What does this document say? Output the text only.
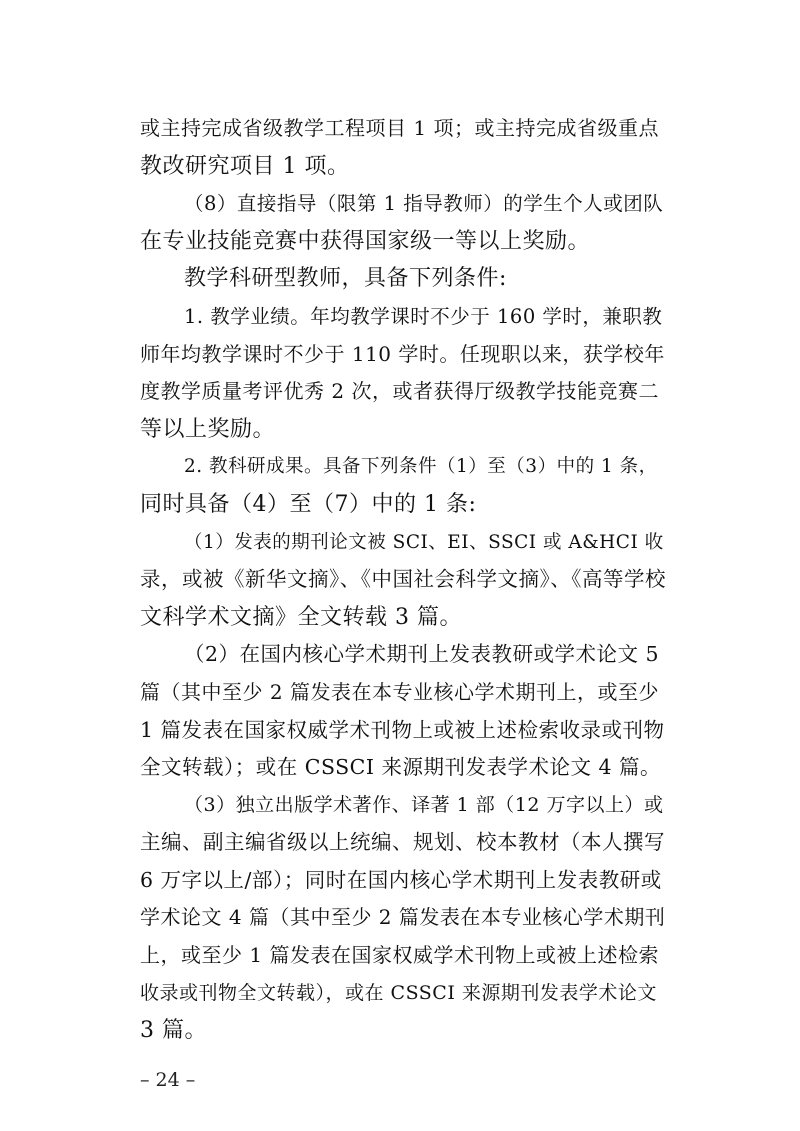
或主持完成省级教学工程项目 1 项；或主持完成省级重点
教改研究项目 1 项。
（8）直接指导（限第 1 指导教师）的学生个人或团队
在专业技能竞赛中获得国家级一等以上奖励。
教学科研型教师，具备下列条件:
1. 教学业绩。年均教学课时不少于 160 学时，兼职教
师年均教学课时不少于 110 学时。任现职以来，获学校年
度教学质量考评优秀 2 次，或者获得厅级教学技能竞赛二
等以上奖励。
2. 教科研成果。具备下列条件（1）至（3）中的 1 条，
同时具备（4）至（7）中的 1 条:
（1）发表的期刊论文被 SCI、EI、SSCI 或 A&HCI 收
录，或被《新华文摘》、《中国社会科学文摘》、《高等学校
文科学术文摘》全文转载 3 篇。
（2）在国内核心学术期刊上发表教研或学术论文 5
篇（其中至少 2 篇发表在本专业核心学术期刊上，或至少
1 篇发表在国家权威学术刊物上或被上述检索收录或刊物
全文转载）；或在 CSSCI 来源期刊发表学术论文 4 篇。
（3）独立出版学术著作、译著 1 部（12 万字以上）或
主编、副主编省级以上统编、规划、校本教材（本人撰写
6 万字以上/部）；同时在国内核心学术期刊上发表教研或
学术论文 4 篇（其中至少 2 篇发表在本专业核心学术期刊
上，或至少 1 篇发表在国家权威学术刊物上或被上述检索
收录或刊物全文转载），或在 CSSCI 来源期刊发表学术论文
3 篇。
– 24 –
